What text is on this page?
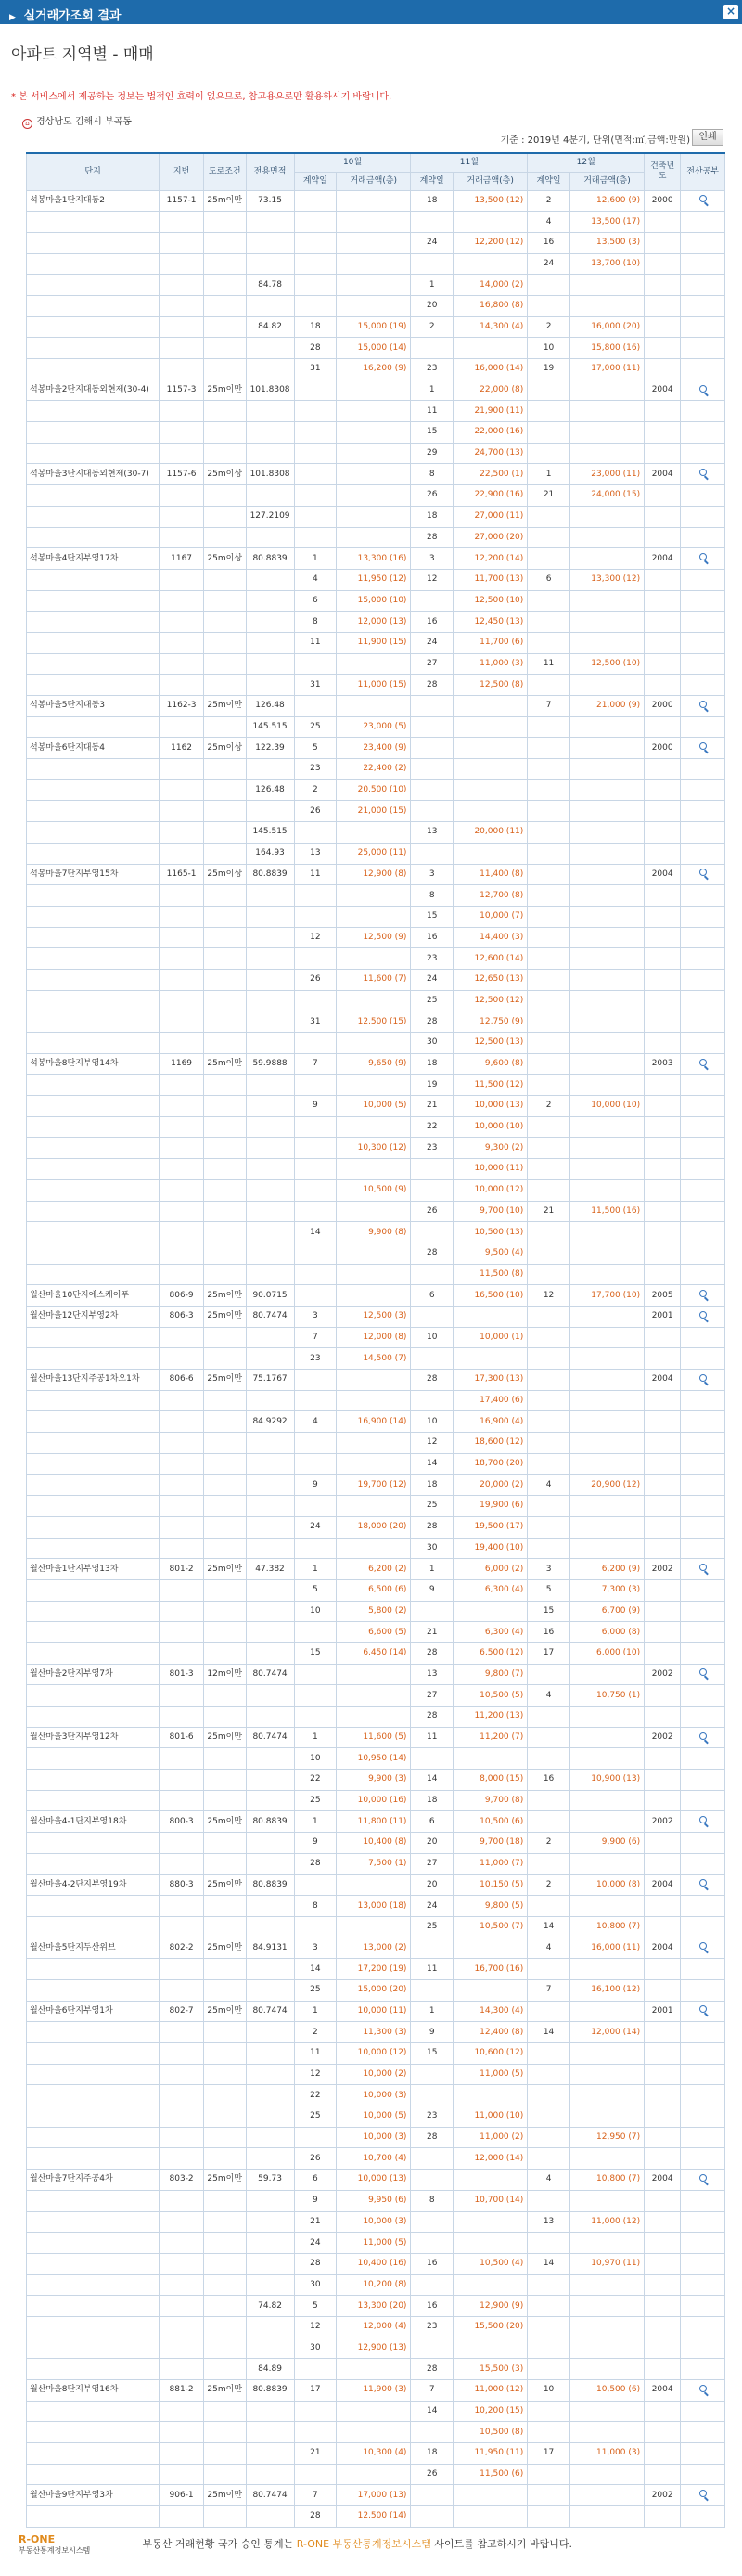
▶ 실거래가조회 결과	×
아파트 지역별 - 매매
* 본 서비스에서 제공하는 정보는 법적인 효력이 없으므로, 참고용으로만 활용하시기 바랍니다.
⌂ 경상남도 김해시 부곡동
기준 : 2019년 4분기, 단위(면적:㎡,금액:만원) 인쇄
단지	지번	도로조건	전용면적	10월		11월		12월		건축년도	전산공부
				계약일	거래금액(층)	계약일	거래금액(층)	계약일	거래금액(층)		
석봉마을1단지대동2	1157-1	25m이만	73.15			18	13,500 (12)	2	12,600 (9)	2000	
								4	13,500 (17)		
						24	12,200 (12)	16	13,500 (3)		
								24	13,700 (10)		
			84.78			1	14,000 (2)				
						20	16,800 (8)				
			84.82	18	15,000 (19)	2	14,300 (4)	2	16,000 (20)		
				28	15,000 (14)			10	15,800 (16)		
				31	16,200 (9)	23	16,000 (14)	19	17,000 (11)		
석봉마을2단지대동외현제(30-4)	1157-3	25m이만	101.8308			1	22,000 (8)			2004	
						11	21,900 (11)				
						15	22,000 (16)				
						29	24,700 (13)				
석봉마을3단지대동외현제(30-7)	1157-6	25m이상	101.8308			8	22,500 (1)	1	23,000 (11)	2004	
						26	22,900 (16)	21	24,000 (15)		
			127.2109			18	27,000 (11)				
						28	27,000 (20)				
석봉마을4단지부영17차	1167	25m이상	80.8839	1	13,300 (16)	3	12,200 (14)			2004	
				4	11,950 (12)	12	11,700 (13)	6	13,300 (12)		
				6	15,000 (10)		12,500 (10)				
				8	12,000 (13)	16	12,450 (13)				
				11	11,900 (15)	24	11,700 (6)				
						27	11,000 (3)	11	12,500 (10)		
				31	11,000 (15)	28	12,500 (8)				
석봉마을5단지대동3	1162-3	25m이만	126.48					7	21,000 (9)	2000	
			145.515	25	23,000 (5)						
석봉마을6단지대동4	1162	25m이상	122.39	5	23,400 (9)					2000	
				23	22,400 (2)						
			126.48	2	20,500 (10)						
				26	21,000 (15)						
			145.515			13	20,000 (11)				
			164.93	13	25,000 (11)						
석봉마을7단지부영15차	1165-1	25m이상	80.8839	11	12,900 (8)	3	11,400 (8)			2004	
						8	12,700 (8)				
						15	10,000 (7)				
				12	12,500 (9)	16	14,400 (3)				
						23	12,600 (14)				
				26	11,600 (7)	24	12,650 (13)				
						25	12,500 (12)				
				31	12,500 (15)	28	12,750 (9)				
						30	12,500 (13)				
석봉마을8단지부영14차	1169	25m이만	59.9888	7	9,650 (9)	18	9,600 (8)			2003	
						19	11,500 (12)				
				9	10,000 (5)	21	10,000 (13)	2	10,000 (10)		
						22	10,000 (10)				
					10,300 (12)	23	9,300 (2)				
							10,000 (11)				
					10,500 (9)		10,000 (12)				
						26	9,700 (10)	21	11,500 (16)		
				14	9,900 (8)		10,500 (13)				
						28	9,500 (4)				
							11,500 (8)				
월산마을10단지에스케이푸	806-9	25m이만	90.0715			6	16,500 (10)	12	17,700 (10)	2005	
월산마을12단지부영2차	806-3	25m이만	80.7474	3	12,500 (3)					2001	
				7	12,000 (8)	10	10,000 (1)				
				23	14,500 (7)						
월산마을13단지주공1차오1차	806-6	25m이만	75.1767			28	17,300 (13)			2004	
							17,400 (6)				
			84.9292	4	16,900 (14)	10	16,900 (4)				
						12	18,600 (12)				
						14	18,700 (20)				
				9	19,700 (12)	18	20,000 (2)	4	20,900 (12)		
						25	19,900 (6)				
				24	18,000 (20)	28	19,500 (17)				
						30	19,400 (10)				
월산마을1단지부영13차	801-2	25m이만	47.382	1	6,200 (2)	1	6,000 (2)	3	6,200 (9)	2002	
				5	6,500 (6)	9	6,300 (4)	5	7,300 (3)		
				10	5,800 (2)			15	6,700 (9)		
					6,600 (5)	21	6,300 (4)	16	6,000 (8)		
				15	6,450 (14)	28	6,500 (12)	17	6,000 (10)		
월산마을2단지부영7차	801-3	12m이만	80.7474			13	9,800 (7)			2002	
						27	10,500 (5)	4	10,750 (1)		
						28	11,200 (13)				
월산마을3단지부영12차	801-6	25m이만	80.7474	1	11,600 (5)	11	11,200 (7)			2002	
				10	10,950 (14)						
				22	9,900 (3)	14	8,000 (15)	16	10,900 (13)		
				25	10,000 (16)	18	9,700 (8)				
월산마을4-1단지부영18차	800-3	25m이만	80.8839	1	11,800 (11)	6	10,500 (6)			2002	
				9	10,400 (8)	20	9,700 (18)	2	9,900 (6)		
				28	7,500 (1)	27	11,000 (7)				
월산마을4-2단지부영19차	880-3	25m이만	80.8839			20	10,150 (5)	2	10,000 (8)	2004	
				8	13,000 (18)	24	9,800 (5)				
						25	10,500 (7)	14	10,800 (7)		
월산마을5단지두산위브	802-2	25m이만	84.9131	3	13,000 (2)			4	16,000 (11)	2004	
				14	17,200 (19)	11	16,700 (16)				
				25	15,000 (20)			7	16,100 (12)		
월산마을6단지부영1차	802-7	25m이만	80.7474	1	10,000 (11)	1	14,300 (4)			2001	
				2	11,300 (3)	9	12,400 (8)	14	12,000 (14)		
				11	10,000 (12)	15	10,600 (12)				
				12	10,000 (2)		11,000 (5)				
				22	10,000 (3)						
				25	10,000 (5)	23	11,000 (10)				
					10,000 (3)	28	11,000 (2)		12,950 (7)		
				26	10,700 (4)		12,000 (14)				
월산마을7단지주공4차	803-2	25m이만	59.73	6	10,000 (13)			4	10,800 (7)	2004	
				9	9,950 (6)	8	10,700 (14)				
				21	10,000 (3)			13	11,000 (12)		
				24	11,000 (5)						
				28	10,400 (16)	16	10,500 (4)	14	10,970 (11)		
				30	10,200 (8)						
			74.82	5	13,300 (20)	16	12,900 (9)				
				12	12,000 (4)	23	15,500 (20)				
				30	12,900 (13)						
			84.89			28	15,500 (3)				
월산마을8단지부영16차	881-2	25m이만	80.8839	17	11,900 (3)	7	11,000 (12)	10	10,500 (6)	2004	
						14	10,200 (15)				
							10,500 (8)				
				21	10,300 (4)	18	11,950 (11)	17	11,000 (3)		
						26	11,500 (6)				
월산마을9단지부영3차	906-1	25m이만	80.7474	7	17,000 (13)					2002	
				28	12,500 (14)						
R-ONE
부동산통계정보시스템
부동산 거래현황 국가 승인 통계는 R-ONE 부동산통계정보시스템 사이트를 참고하시기 바랍니다.
